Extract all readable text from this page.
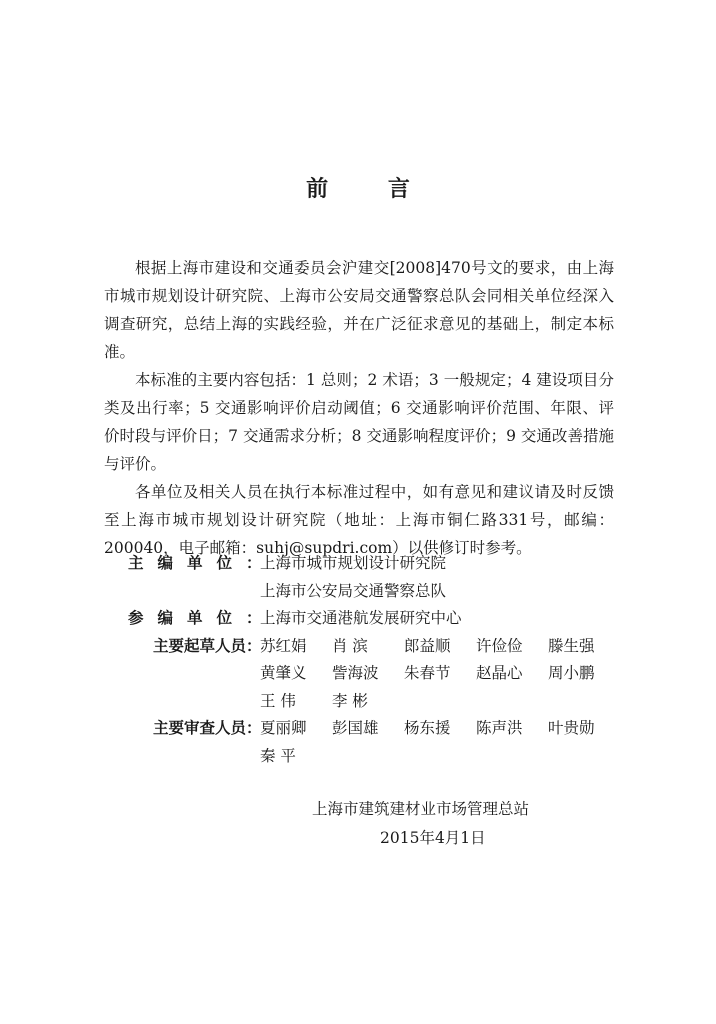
前 言

根据上海市建设和交通委员会沪建交[2008]470号文的要求，由上海市城市规划设计研究院、上海市公安局交通警察总队会同相关单位经深入调查研究，总结上海的实践经验，并在广泛征求意见的基础上，制定本标准。

本标准的主要内容包括：1 总则；2 术语；3 一般规定；4 建设项目分类及出行率；5 交通影响评价启动阈值；6 交通影响评价范围、年限、评价时段与评价日；7 交通需求分析；8 交通影响程度评价；9 交通改善措施与评价。

各单位及相关人员在执行本标准过程中，如有意见和建议请及时反馈至上海市城市规划设计研究院（地址：上海市铜仁路331号，邮编：200040，电子邮箱：suhj@supdri.com）以供修订时参考。

主编单位 ：
上海市城市规划设计研究院
上海市公安局交通警察总队
参编单位 ：
上海市交通港航发展研究中心
主要起草人员 ：
苏红娟	肖 滨	郎益顺	许俭俭	滕生强
黄肇义	訾海波	朱春节	赵晶心	周小鹏
王 伟	李 彬
主要审查人员 ：
夏丽卿	彭国雄	杨东援	陈声洪	叶贵勋
秦 平
上海市建筑建材业市场管理总站
2015年4月1日
